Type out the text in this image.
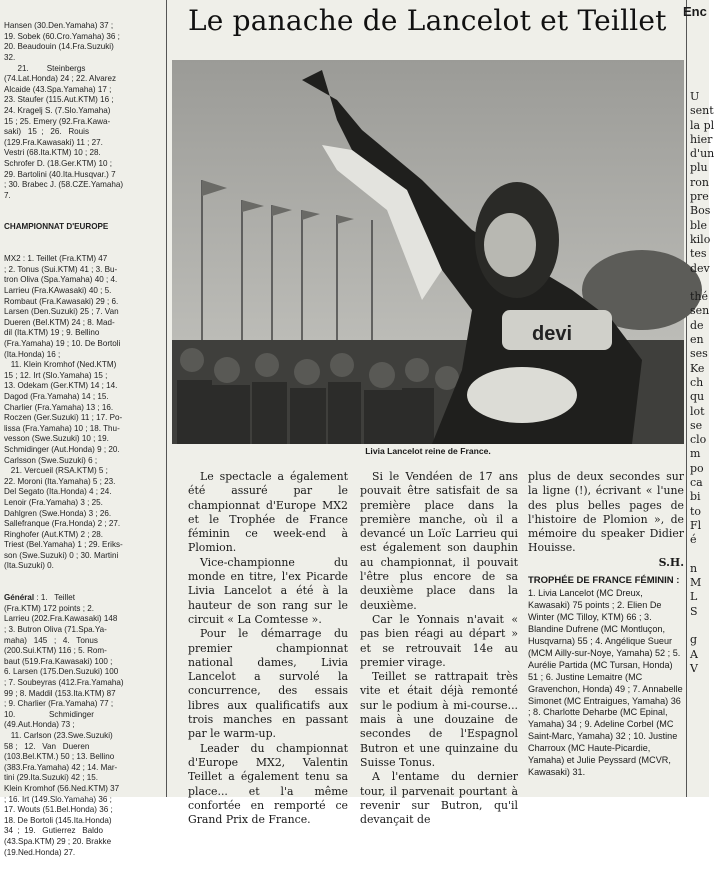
Hansen (30.Den.Yamaha) 37 ;
19. Sobek (60.Cro.Yamaha) 36 ;
20. Beaudouin (14.Fra.Suzuki)
32.
21.        Steinbergs
(74.Lat.Honda) 24 ; 22. Alvarez
Alcaide (43.Spa.Yamaha) 17 ;
23. Staufer (115.Aut.KTM) 16 ;
24. Kragelj S. (7.Slo.Yamaha)
15 ; 25. Emery (92.Fra.Kawa-
saki)   15  ;   26.   Rouis
(129.Fra.Kawasaki) 11 ; 27.
Vestri (68.Ita.KTM) 10 ; 28.
Schrofer D. (18.Ger.KTM) 10 ;
29. Bartolini (40.Ita.Husqvar.) 7
; 30. Brabec J. (58.CZE.Yamaha)
7.

CHAMPIONNAT D'EUROPE

MX2 : 1. Teillet (Fra.KTM) 47
; 2. Tonus (Sui.KTM) 41 ; 3. Bu-
tron Oliva (Spa.Yamaha) 40 ; 4.
Larrieu (Fra.KAwasaki) 40 ; 5.
Rombaut (Fra.Kawasaki) 29 ; 6.
Larsen (Den.Suzuki) 25 ; 7. Van
Dueren (Bel.KTM) 24 ; 8. Mad-
dil (Ita.KTM) 19 ; 9. Bellino
(Fra.Yamaha) 19 ; 10. De Bortoli
(Ita.Honda) 16 ;
11. Klein Kromhof (Ned.KTM)
15 ; 12. Irt (Slo.Yamaha) 15 ;
13. Odekam (Ger.KTM) 14 ; 14.
Dagod (Fra.Yamaha) 14 ; 15.
Charlier (Fra.Yamaha) 13 ; 16.
Roczen (Ger.Suzuki) 11 ; 17. Po-
lissa (Fra.Yamaha) 10 ; 18. Thu-
vesson (Swe.Suzuki) 10 ; 19.
Schmidinger (Aut.Honda) 9 ; 20.
Carlsson (Swe.Suzuki) 6 ;
21. Vercueil (RSA.KTM) 5 ;
22. Moroni (Ita.Yamaha) 5 ; 23.
Del Segato (Ita.Honda) 4 ; 24.
Lenoir (Fra.Yamaha) 3 ; 25.
Dahlgren (Swe.Honda) 3 ; 26.
Sallefranque (Fra.Honda) 2 ; 27.
Ringhofer (Aut.KTM) 2 ; 28.
Triest (Bel.Yamaha) 1 ; 29. Eriks-
son (Swe.Suzuki) 0 ; 30. Martini
(Ita.Suzuki) 0.

Général : 1.   Teillet
(Fra.KTM) 172 points ; 2.
Larrieu (202.Fra.Kawasaki) 148
; 3. Butron Oliva (71.Spa.Ya-
maha)   145   ;   4.   Tonus
(200.Sui.KTM) 116 ; 5. Rom-
baut (519.Fra.Kawasaki) 100 ;
6. Larsen (175.Den.Suzuki) 100
; 7. Soubeyras (412.Fra.Yamaha)
99 ; 8. Maddil (153.Ita.KTM) 87
; 9. Charlier (Fra.Yamaha) 77 ;
10.               Schmidinger
(49.Aut.Honda) 73 ;
11. Carlson (23.Swe.Suzuki)
58 ;   12.   Van   Dueren
(103.Bel.KTM.) 50 ; 13. Bellino
(383.Fra.Yamaha) 42 ; 14. Mar-
tini (29.Ita.Suzuki) 42 ; 15.
Klein Kromhof (56.Ned.KTM) 37
; 16. Irt (149.Slo.Yamaha) 36 ;
17. Wouts (51.Bel.Honda) 36 ;
18. De Bortoli (145.Ita.Honda)
34  ;  19.   Gutierrez   Baldo
(43.Spa.KTM) 29 ; 20. Brakke
(19.Ned.Honda) 27.

Le panache de Lancelot et Teillet Enc
devi
Livia Lancelot reine de France.

Le spectacle a également été assuré par le championnat d'Europe MX2 et le Trophée de France féminin ce week-end à Plomion.

Vice-championne du monde en titre, l'ex Picarde Livia Lancelot a été à la hauteur de son rang sur le circuit « La Comtesse ».

Pour le démarrage du premier championnat national dames, Livia Lancelot a survolé la concurrence, des essais libres aux qualificatifs aux trois manches en passant par le warm-up.

Leader du championnat d'Europe MX2, Valentin Teillet a également tenu sa place... et l'a même confortée en remporté ce Grand Prix de France.

Si le Vendéen de 17 ans pouvait être satisfait de sa première place dans la première manche, où il a devancé un Loïc Larrieu qui est également son dauphin au championnat, il pouvait l'être plus encore de sa deuxième place dans la deuxième.

Car le Yonnais n'avait « pas bien réagi au départ » et se retrouvait 14e au premier virage.

Teillet se rattrapait très vite et était déjà remonté sur le podium à mi-course... mais à une douzaine de secondes de l'Espagnol Butron et une quinzaine du Suisse Tonus.

A l'entame du dernier tour, il parvenait pourtant à revenir sur Butron, qu'il devançait de

plus de deux secondes sur la ligne (!), écrivant « l'une des plus belles pages de l'histoire de Plomion », de mémoire du speaker Didier Houisse.

S.H.
TROPHÉE DE FRANCE FÉMININ :
1. Livia Lancelot (MC Dreux, Kawasaki) 75 points ; 2. Elien De Winter (MC Tilloy, KTM) 66 ; 3. Blandine Dufrene (MC Montluçon, Husqvarna) 55 ; 4. Angélique Sueur (MCM Ailly-sur-Noye, Yamaha) 52 ; 5. Aurélie Partida (MC Tursan, Honda) 51 ; 6. Justine Lemaitre (MC Gravenchon, Honda) 49 ; 7. Annabelle Simonet (MC Entraigues, Yamaha) 36 ; 8. Charlotte Deharbe (MC Epinal, Yamaha) 34 ; 9. Adeline Corbel (MC Saint-Marc, Yamaha) 32 ; 10. Justine Charroux (MC Haute-Picardie, Yamaha) et Julie Peyssard (MCVR, Kawasaki) 31.
U
sent
la pl
hier
d'un
plu
ron
pre
Bos
ble
kilo
tes
dev

thé
sen
de
en
ses
Ke
ch
qu
lot
se
clo
m
po
ca
bi
to
Fl
é

n
M
L
S

g
A
V
